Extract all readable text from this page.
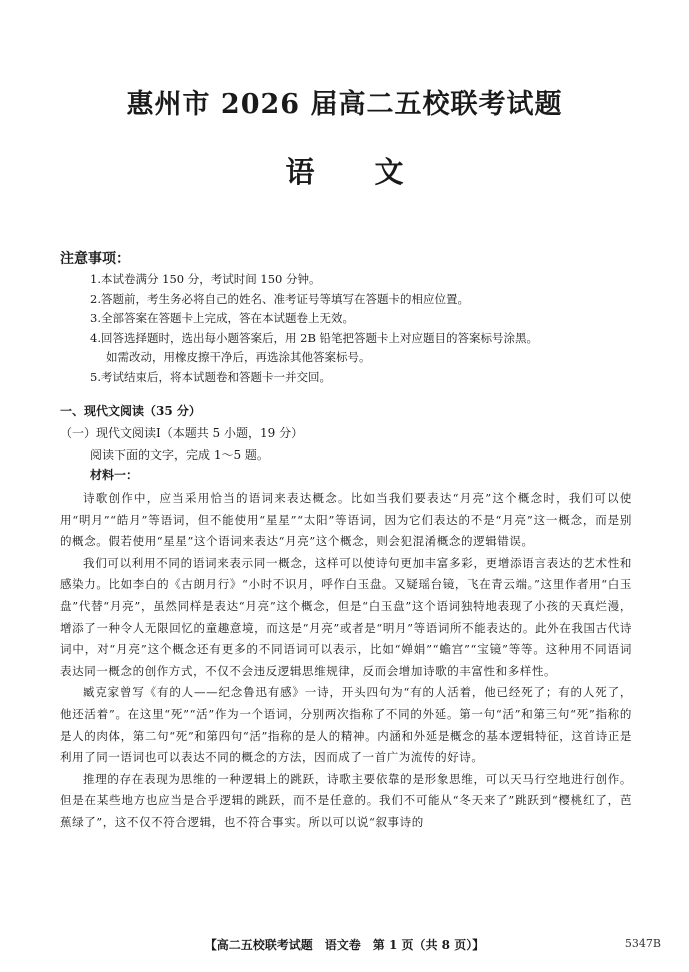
惠州市 2026 届高二五校联考试题
语文
注意事项：
1.本试卷满分 150 分，考试时间 150 分钟。
2.答题前，考生务必将自己的姓名、准考证号等填写在答题卡的相应位置。
3.全部答案在答题卡上完成，答在本试题卷上无效。
4.回答选择题时，选出每小题答案后，用 2B 铅笔把答题卡上对应题目的答案标号涂黑。
如需改动，用橡皮擦干净后，再选涂其他答案标号。
5.考试结束后，将本试题卷和答题卡一并交回。
一、现代文阅读（35 分）
（一）现代文阅读Ⅰ（本题共 5 小题，19 分）
阅读下面的文字，完成 1～5 题。
材料一：

诗歌创作中，应当采用恰当的语词来表达概念。比如当我们要表达“月亮”这个概念时，我们可以使用“明月”“皓月”等语词，但不能使用“星星”“太阳”等语词，因为它们表达的不是“月亮”这一概念，而是别的概念。假若使用“星星”这个语词来表达“月亮”这个概念，则会犯混淆概念的逻辑错误。

我们可以利用不同的语词来表示同一概念，这样可以使诗句更加丰富多彩，更增添语言表达的艺术性和感染力。比如李白的《古朗月行》“小时不识月，呼作白玉盘。又疑瑶台镜，飞在青云端。”这里作者用“白玉盘”代替“月亮”，虽然同样是表达“月亮”这个概念，但是“白玉盘”这个语词独特地表现了小孩的天真烂漫，增添了一种令人无限回忆的童趣意境，而这是“月亮”或者是“明月”等语词所不能表达的。此外在我国古代诗词中，对“月亮”这个概念还有更多的不同语词可以表示，比如“婵娟”“蟾宫”“宝镜”等等。这种用不同语词表达同一概念的创作方式，不仅不会违反逻辑思维规律，反而会增加诗歌的丰富性和多样性。

臧克家曾写《有的人——纪念鲁迅有感》一诗，开头四句为“有的人活着，他已经死了；有的人死了，他还活着”。在这里“死”“活”作为一个语词，分别两次指称了不同的外延。第一句“活”和第三句“死”指称的是人的肉体，第二句“死”和第四句“活”指称的是人的精神。内涵和外延是概念的基本逻辑特征，这首诗正是利用了同一语词也可以表达不同的概念的方法，因而成了一首广为流传的好诗。

推理的存在表现为思维的一种逻辑上的跳跃，诗歌主要依靠的是形象思维，可以天马行空地进行创作。但是在某些地方也应当是合乎逻辑的跳跃，而不是任意的。我们不可能从“冬天来了”跳跃到“樱桃红了，芭蕉绿了”，这不仅不符合逻辑，也不符合事实。所以可以说“叙事诗的

【高二五校联考试题　语文卷　第 1 页（共 8 页）】	5347B
